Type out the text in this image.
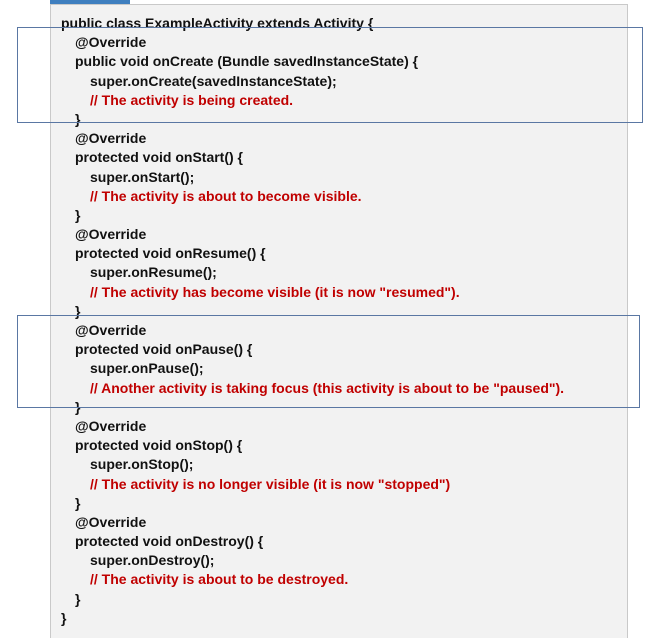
public class ExampleActivity extends Activity {
@Override
public void onCreate (Bundle savedInstanceState) {
super.onCreate(savedInstanceState);
// The activity is being created.
}
@Override
protected void onStart() {
super.onStart();
// The activity is about to become visible.
}
@Override
protected void onResume() {
super.onResume();
// The activity has become visible (it is now "resumed").
}
@Override
protected void onPause() {
super.onPause();
// Another activity is taking focus (this activity is about to be "paused").
}
@Override
protected void onStop() {
super.onStop();
// The activity is no longer visible (it is now "stopped")
}
@Override
protected void onDestroy() {
super.onDestroy();
// The activity is about to be destroyed.
}
}
